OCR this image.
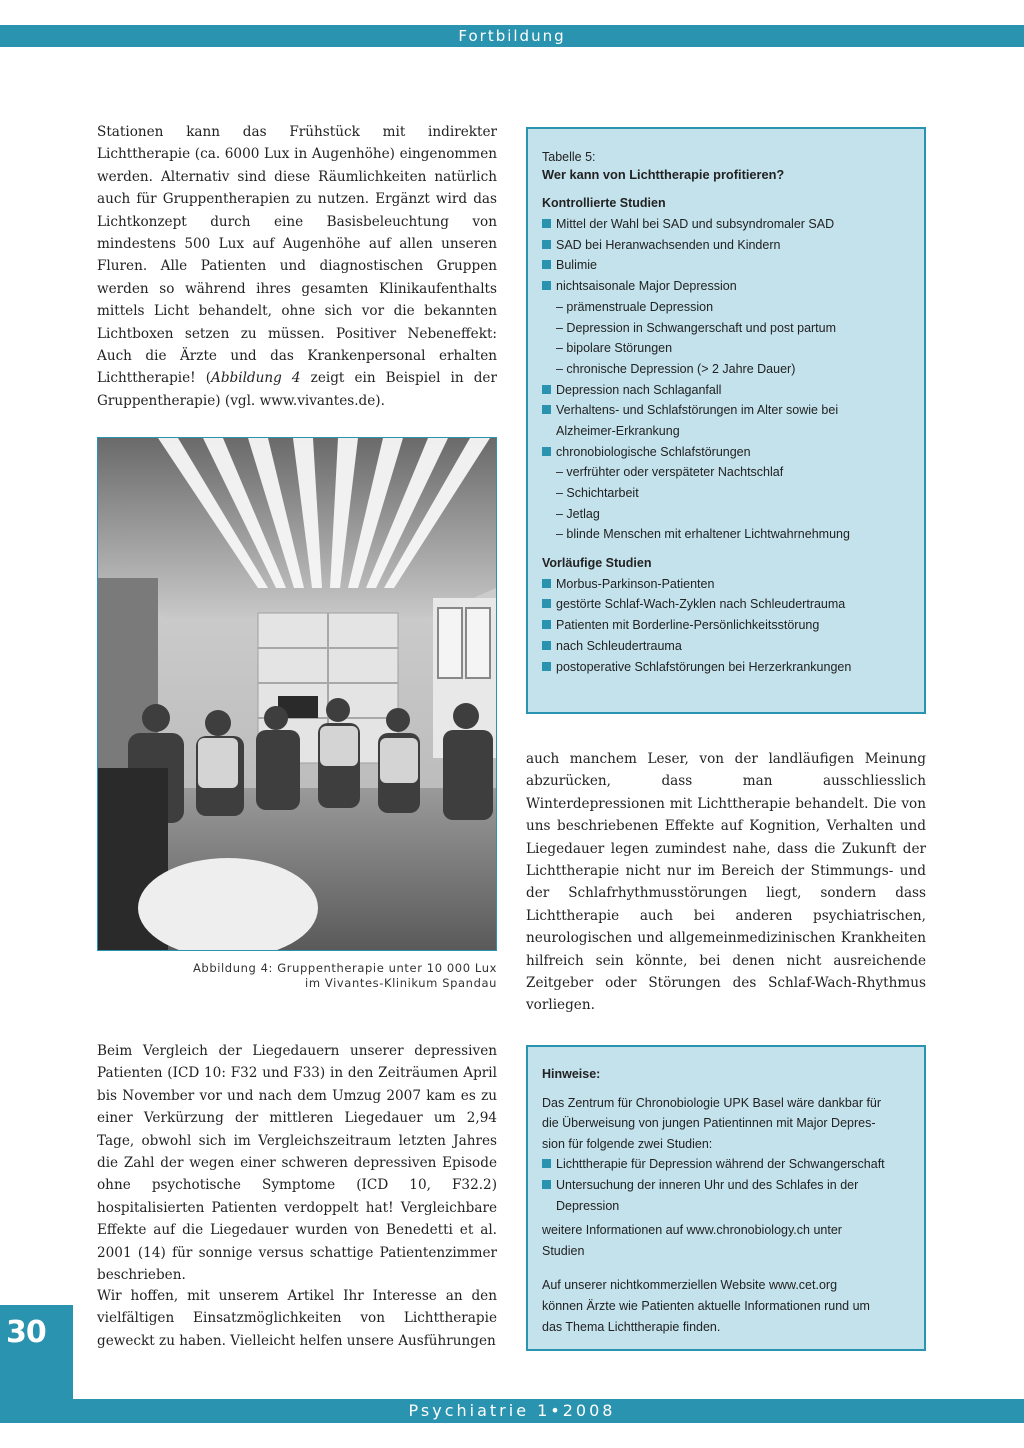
Fortbildung

Stationen kann das Frühstück mit indirekter Lichttherapie (ca. 6000 Lux in Augenhöhe) eingenommen werden. Alternativ sind diese Räumlichkeiten natürlich auch für Gruppentherapien zu nutzen. Ergänzt wird das Lichtkonzept durch eine Basisbeleuchtung von mindestens 500 Lux auf Augenhöhe auf allen unseren Fluren. Alle Patienten und diagnostischen Gruppen werden so während ihres gesamten Klinikaufenthalts mittels Licht behandelt, ohne sich vor die bekannten Lichtboxen setzen zu müssen. Positiver Nebeneffekt: Auch die Ärzte und das Krankenpersonal erhalten Lichttherapie! (Abbildung 4 zeigt ein Beispiel in der Gruppentherapie) (vgl. www.vivantes.de).

Abbildung 4: Gruppentherapie unter 10 000 Lux
im Vivantes-Klinikum Spandau
Tabelle 5:
Wer kann von Lichttherapie profitieren?
Kontrollierte Studien
Mittel der Wahl bei SAD und subsyndromaler SAD
SAD bei Heranwachsenden und Kindern
Bulimie
nichtsaisonale Major Depression
– prämenstruale Depression
– Depression in Schwangerschaft und post partum
– bipolare Störungen
– chronische Depression (> 2 Jahre Dauer)
Depression nach Schlaganfall
Verhaltens- und Schlafstörungen im Alter sowie bei
Alzheimer-Erkrankung
chronobiologische Schlafstörungen
– verfrühter oder verspäteter Nachtschlaf
– Schichtarbeit
– Jetlag
– blinde Menschen mit erhaltener Lichtwahrnehmung
Vorläufige Studien
Morbus-Parkinson-Patienten
gestörte Schlaf-Wach-Zyklen nach Schleudertrauma
Patienten mit Borderline-Persönlichkeitsstörung
nach Schleudertrauma
postoperative Schlafstörungen bei Herzerkrankungen

auch manchem Leser, von der landläufigen Meinung abzurücken, dass man ausschliesslich Winterdepressionen mit Lichttherapie behandelt. Die von uns beschriebenen Effekte auf Kognition, Verhalten und Liegedauer legen zumindest nahe, dass die Zukunft der Lichttherapie nicht nur im Bereich der Stimmungs- und der Schlafrhythmusstörungen liegt, sondern dass Lichttherapie auch bei anderen psychiatrischen, neurologischen und allgemeinmedizinischen Krankheiten hilfreich sein könnte, bei denen nicht ausreichende Zeitgeber oder Störungen des Schlaf-Wach-Rhythmus vorliegen.

Beim Vergleich der Liegedauern unserer depressiven Patienten (ICD 10: F32 und F33) in den Zeiträumen April bis November vor und nach dem Umzug 2007 kam es zu einer Verkürzung der mittleren Liegedauer um 2,94 Tage, obwohl sich im Vergleichszeitraum letzten Jahres die Zahl der wegen einer schweren depressiven Episode ohne psychotische Symptome (ICD 10, F32.2) hospitalisierten Patienten verdoppelt hat! Vergleichbare Effekte auf die Liegedauer wurden von Benedetti et al. 2001 (14) für sonnige versus schattige Patientenzimmer beschrieben.

Wir hoffen, mit unserem Artikel Ihr Interesse an den vielfältigen Einsatzmöglichkeiten von Lichttherapie geweckt zu haben. Vielleicht helfen unsere Ausführungen

Hinweise:
Das Zentrum für Chronobiologie UPK Basel wäre dankbar für
die Überweisung von jungen Patientinnen mit Major Depres-
sion für folgende zwei Studien:
Lichttherapie für Depression während der Schwangerschaft
Untersuchung der inneren Uhr und des Schlafes in der
Depression
weitere Informationen auf www.chronobiology.ch unter
Studien
Auf unserer nichtkommerziellen Website www.cet.org
können Ärzte wie Patienten aktuelle Informationen rund um
das Thema Lichttherapie finden.
30
Psychiatrie 1•2008
